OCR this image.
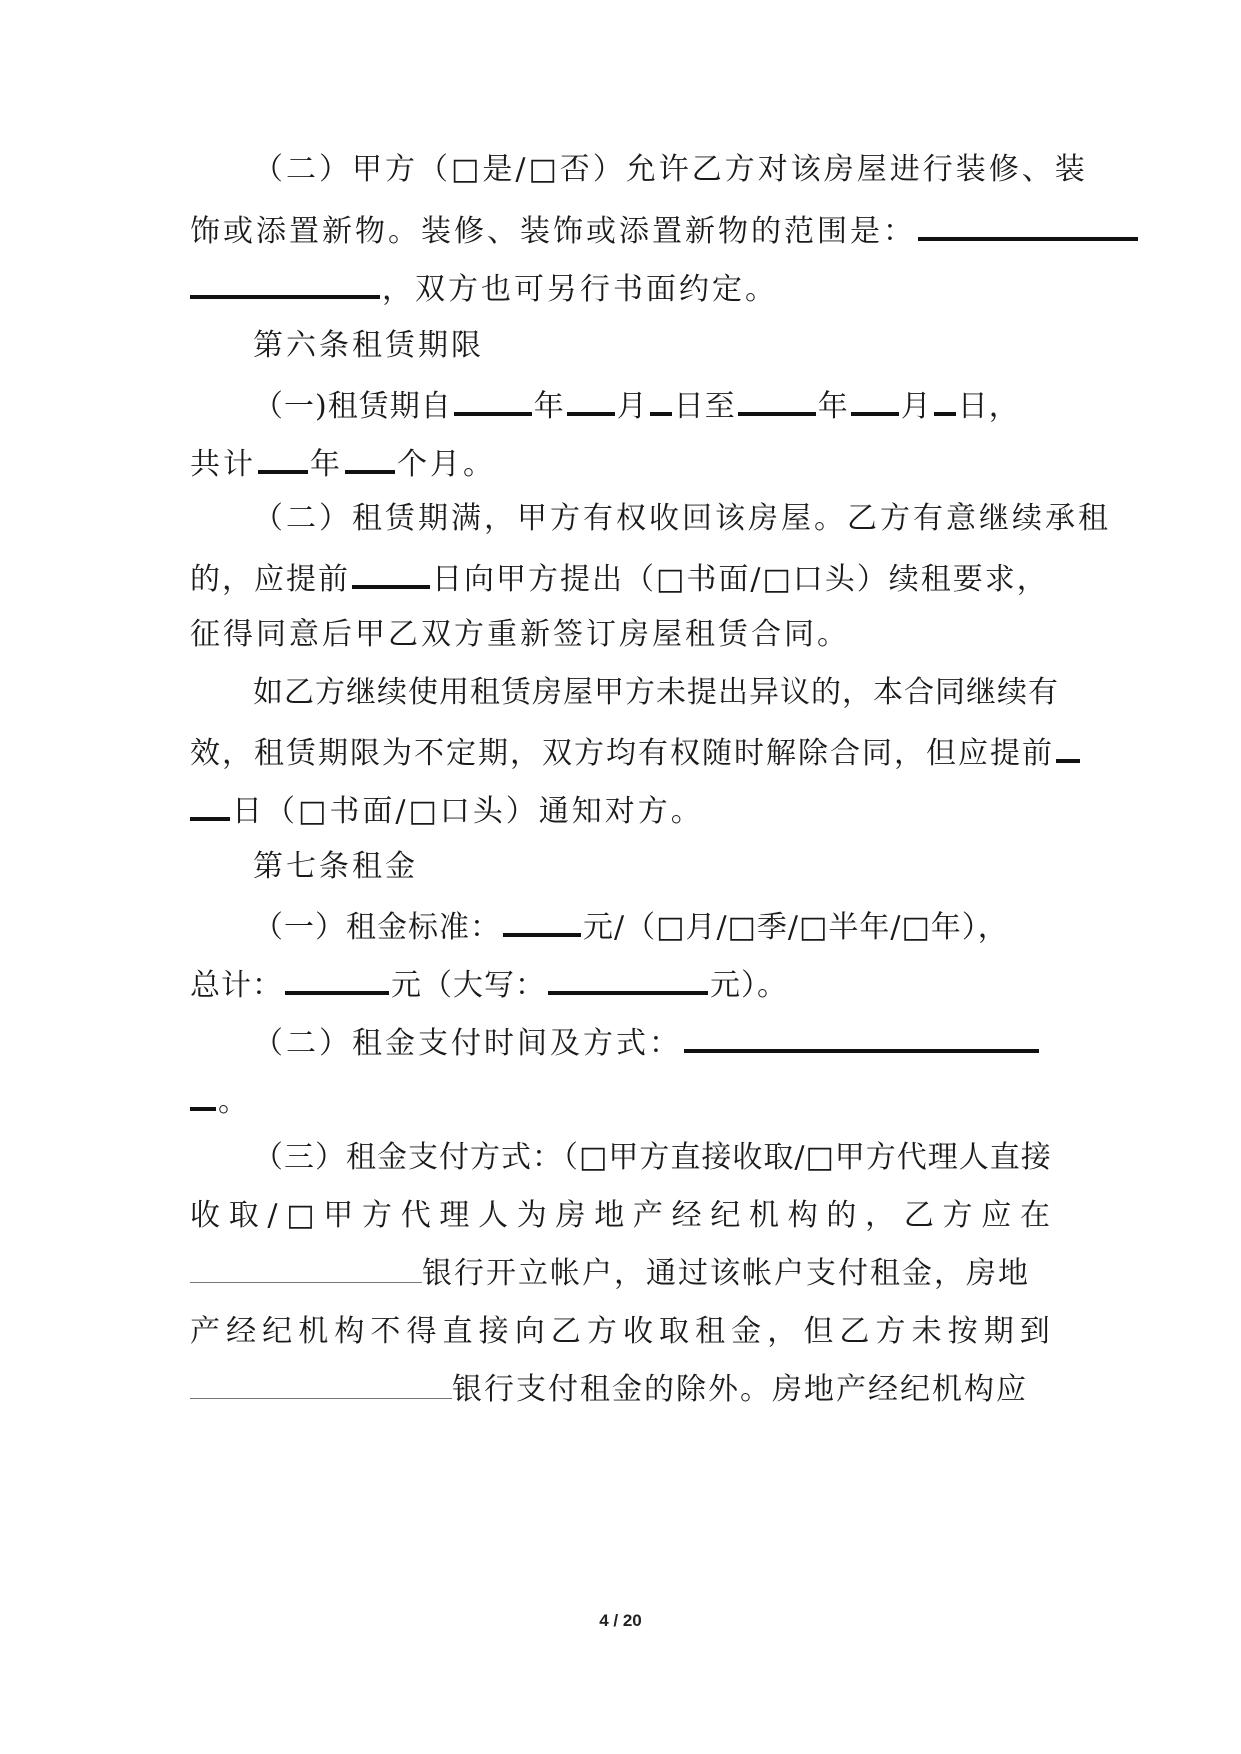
（二）甲方（□是/□否）允许乙方对该房屋进行装修、装
饰或添置新物。装修、装饰或添置新物的范围是：
，双方也可另行书面约定。
第六条租赁期限
（一)租赁期自	年 月 日至	年 月 日，
共计 年 个月。
（二）租赁期满，甲方有权收回该房屋。乙方有意继续承租
的，应提前	日向甲方提出（□书面/□口头）续租要求，
征得同意后甲乙双方重新签订房屋租赁合同。
如乙方继续使用租赁房屋甲方未提出异议的，本合同继续有
效，租赁期限为不定期，双方均有权随时解除合同，但应提前
日（□书面/□口头）通知对方。
第七条租金
（一）租金标准：	元/（□月/□季/□半年/□年），
总计：	元（大写：	元）。
（二）租金支付时间及方式：
。
（三）租金支付方式：（□甲方直接收取/□甲方代理人直接
收 取 / □ 甲 方 代 理 人 为 房 地 产 经 纪 机 构 的 ， 乙 方 应 在
银行开立帐户，通过该帐户支付租金，房地
产 经 纪 机 构 不 得 直 接 向 乙 方 收 取 租 金 ， 但 乙 方 未 按 期 到
银行支付租金的除外。房地产经纪机构应
4 / 20
